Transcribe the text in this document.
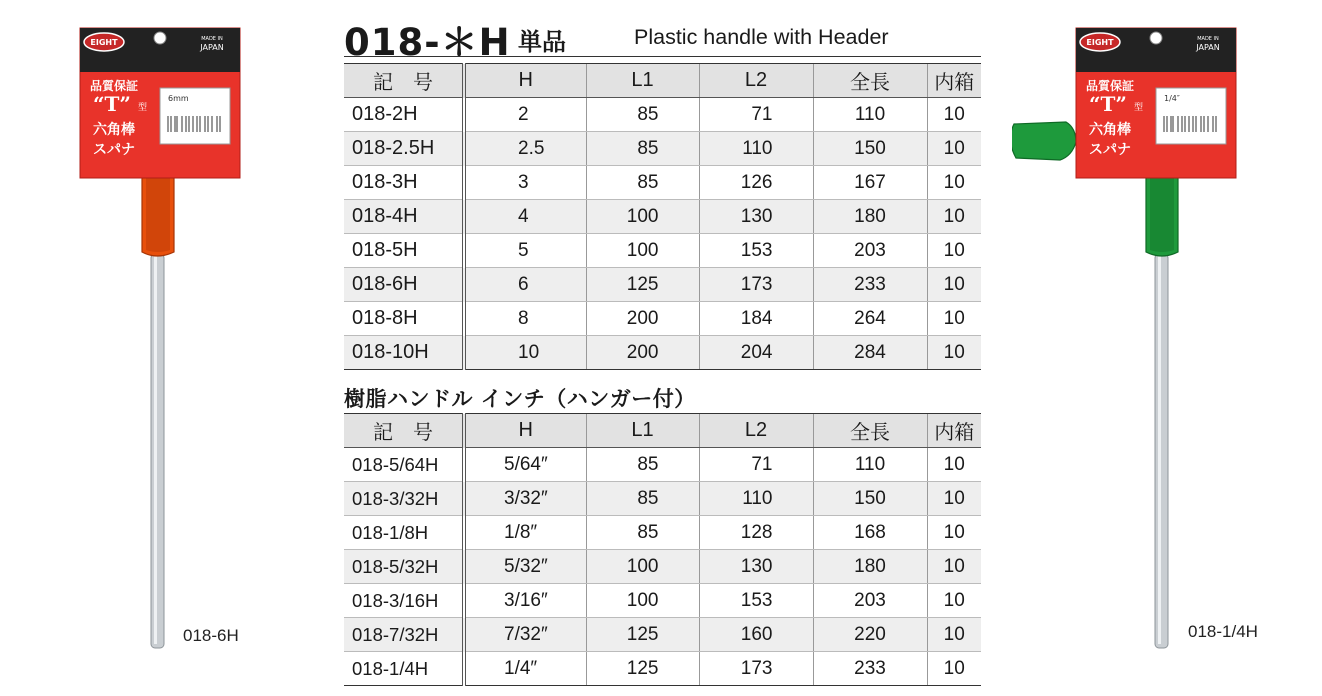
EIGHT	MADE IN
JAPAN
品質保証
“T” 型
六角棒
スパナ
6mm
018-6H
EIGHT	MADE IN
JAPAN
品質保証
“T” 型
六角棒
スパナ
1/4″
018-1/4H
018-＊H 単品	Plastic handle with Header
記　号	H	L1	L2	全長	内箱
018-2H	2	85	71	110	10
018-2.5H	2.5	85	110	150	10
018-3H	3	85	126	167	10
018-4H	4	100	130	180	10
018-5H	5	100	153	203	10
018-6H	6	125	173	233	10
018-8H	8	200	184	264	10
018-10H	10	200	204	284	10
樹脂ハンドル インチ（ハンガー付）
記　号	H	L1	L2	全長	内箱
018-5/64H	5/64″	85	71	110	10
018-3/32H	3/32″	85	110	150	10
018-1/8H	1/8″	85	128	168	10
018-5/32H	5/32″	100	130	180	10
018-3/16H	3/16″	100	153	203	10
018-7/32H	7/32″	125	160	220	10
018-1/4H	1/4″	125	173	233	10
